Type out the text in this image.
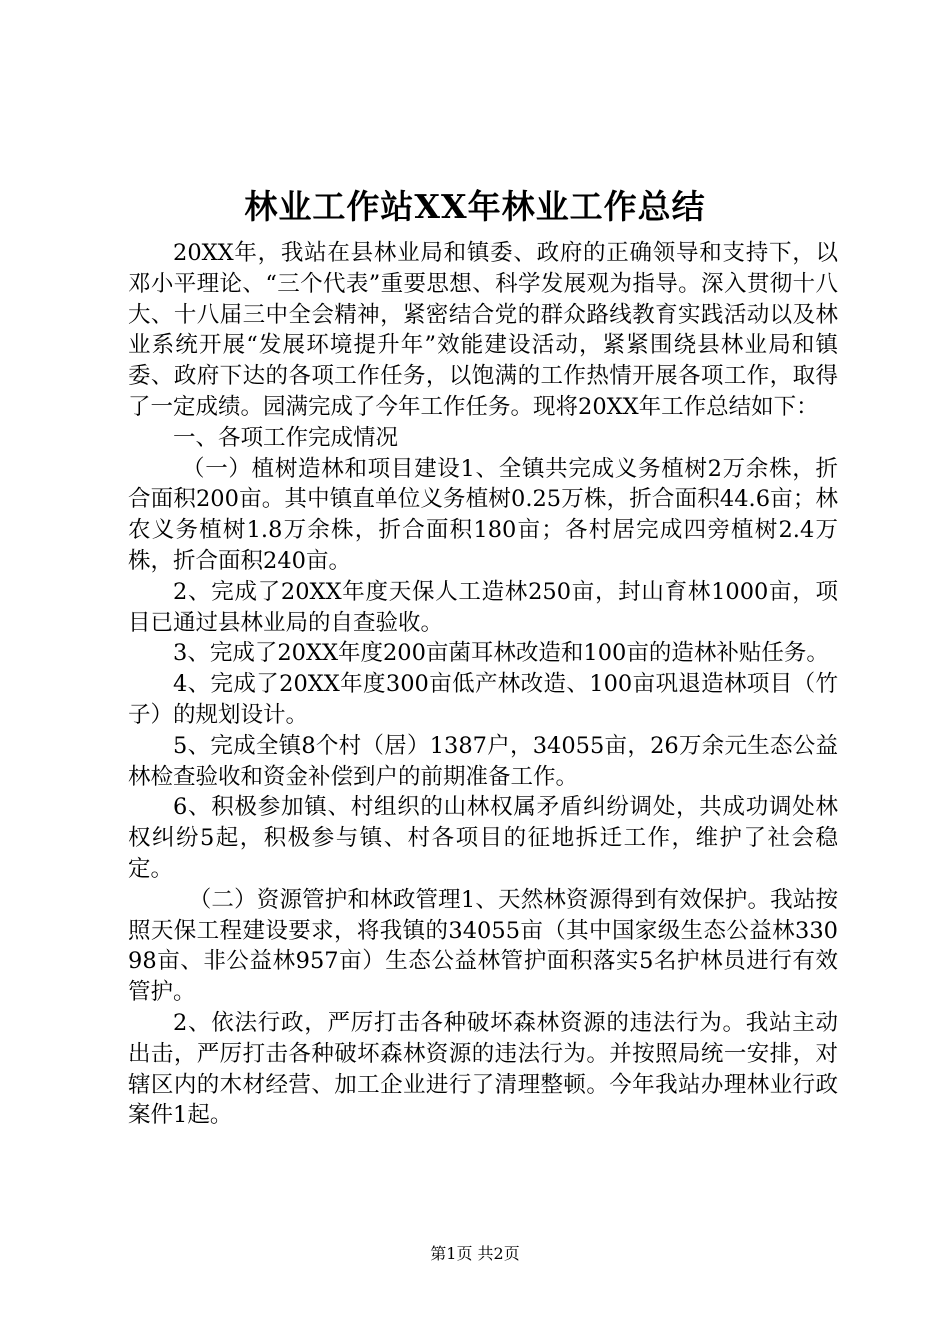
林业工作站XX年林业工作总结

20XX年，我站在县林业局和镇委、政府的正确领导和支持下，以邓小平理论、“三个代表”重要思想、科学发展观为指导。深入贯彻十八大、十八届三中全会精神，紧密结合党的群众路线教育实践活动以及林业系统开展“发展环境提升年”效能建设活动，紧紧围绕县林业局和镇委、政府下达的各项工作任务，以饱满的工作热情开展各项工作，取得了一定成绩。园满完成了今年工作任务。现将20XX年工作总结如下：

一、各项工作完成情况

（一）植树造林和项目建设1、全镇共完成义务植树2万余株，折合面积200亩。其中镇直单位义务植树0.25万株，折合面积44.6亩；林农义务植树1.8万余株，折合面积180亩；各村居完成四旁植树2.4万株，折合面积240亩。

2、完成了20XX年度天保人工造林250亩，封山育林1000亩，项目已通过县林业局的自查验收。

3、完成了20XX年度200亩菌耳林改造和100亩的造林补贴任务。

4、完成了20XX年度300亩低产林改造、100亩巩退造林项目（竹子）的规划设计。

5、完成全镇8个村（居）1387户，34055亩，26万余元生态公益林检查验收和资金补偿到户的前期准备工作。

6、积极参加镇、村组织的山林权属矛盾纠纷调处，共成功调处林权纠纷5起，积极参与镇、村各项目的征地拆迁工作，维护了社会稳定。

（二）资源管护和林政管理1、天然林资源得到有效保护。我站按照天保工程建设要求，将我镇的34055亩（其中国家级生态公益林33098亩、非公益林957亩）生态公益林管护面积落实5名护林员进行有效管护。

2、依法行政，严厉打击各种破坏森林资源的违法行为。我站主动出击，严厉打击各种破坏森林资源的违法行为。并按照局统一安排，对辖区内的木材经营、加工企业进行了清理整顿。今年我站办理林业行政案件1起。

第1页 共2页
